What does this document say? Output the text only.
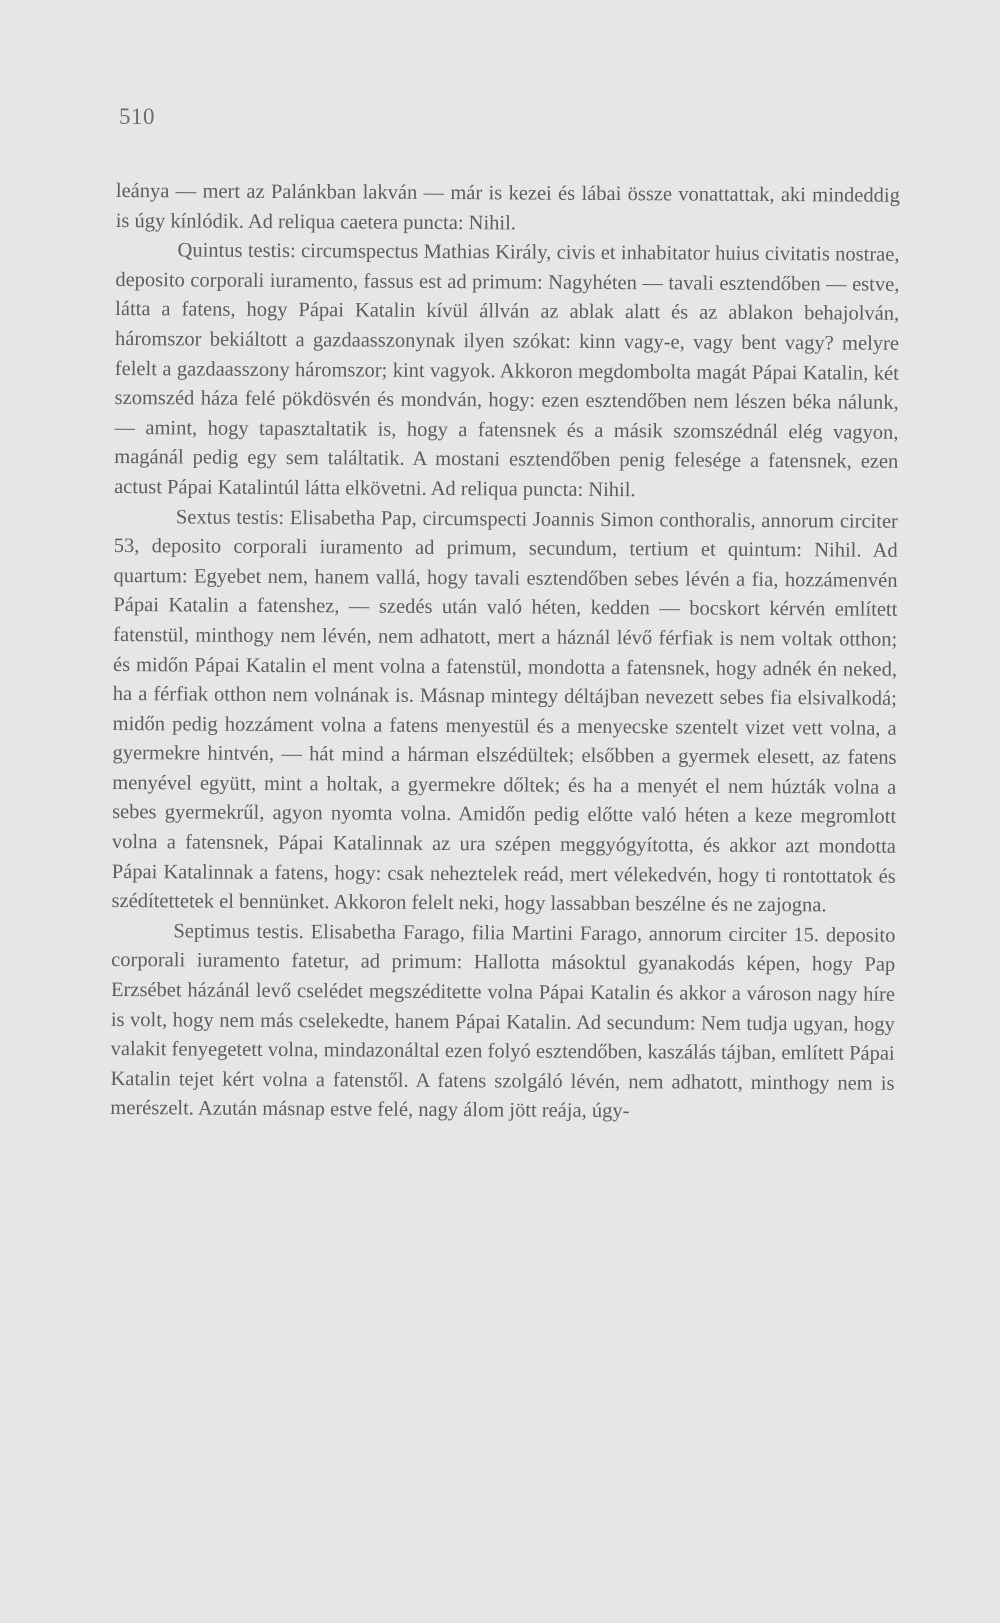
510

leánya — mert az Palánkban lakván — már is kezei és lábai össze vonattattak, aki mindeddig is úgy kínlódik. Ad reliqua caetera puncta: Nihil.

Quintus testis: circumspectus Mathias Király, civis et inhabitator huius civitatis nostrae, deposito corporali iuramento, fassus est ad primum: Nagyhéten — tavali esztendőben — estve, látta a fatens, hogy Pápai Katalin kívül állván az ablak alatt és az ablakon behajolván, háromszor bekiáltott a gazdaasszonynak ilyen szókat: kinn vagy-e, vagy bent vagy? melyre felelt a gazdaasszony háromszor; kint vagyok. Akkoron megdombolta magát Pápai Katalin, két szomszéd háza felé pökdösvén és mondván, hogy: ezen esztendőben nem lészen béka nálunk, — amint, hogy tapasztaltatik is, hogy a fatensnek és a másik szomszédnál elég vagyon, magánál pedig egy sem találtatik. A mostani esztendőben penig felesége a fatensnek, ezen actust Pápai Katalintúl látta elkövetni. Ad reliqua puncta: Nihil.

Sextus testis: Elisabetha Pap, circumspecti Joannis Simon conthoralis, annorum circiter 53, deposito corporali iuramento ad primum, secundum, tertium et quintum: Nihil. Ad quartum: Egyebet nem, hanem vallá, hogy tavali esztendőben sebes lévén a fia, hozzámenvén Pápai Katalin a fatenshez, — szedés után való héten, kedden — bocskort kérvén említett fatenstül, minthogy nem lévén, nem adhatott, mert a háznál lévő férfiak is nem voltak otthon; és midőn Pápai Katalin el ment volna a fatenstül, mondotta a fatensnek, hogy adnék én neked, ha a férfiak otthon nem volnának is. Másnap mintegy déltájban nevezett sebes fia elsivalkodá; midőn pedig hozzáment volna a fatens menyestül és a menyecske szentelt vizet vett volna, a gyermekre hintvén, — hát mind a hárman elszédültek; elsőbben a gyermek elesett, az fatens menyével együtt, mint a holtak, a gyermekre dőltek; és ha a menyét el nem húzták volna a sebes gyermekrűl, agyon nyomta volna. Amidőn pedig előtte való héten a keze megromlott volna a fatensnek, Pápai Katalinnak az ura szépen meggyógyította, és akkor azt mondotta Pápai Katalinnak a fatens, hogy: csak neheztelek reád, mert vélekedvén, hogy ti rontottatok és szédítettetek el bennünket. Akkoron felelt neki, hogy lassabban beszélne és ne zajogna.

Septimus testis. Elisabetha Farago, filia Martini Farago, annorum circiter 15. deposito corporali iuramento fatetur, ad primum: Hallotta másoktul gyanakodás képen, hogy Pap Erzsébet házánál levő cselédet megszéditette volna Pápai Katalin és akkor a városon nagy híre is volt, hogy nem más cselekedte, hanem Pápai Katalin. Ad secundum: Nem tudja ugyan, hogy valakit fenyegetett volna, mindazonáltal ezen folyó esztendőben, kaszálás tájban, említett Pápai Katalin tejet kért volna a fatenstől. A fatens szolgáló lévén, nem adhatott, minthogy nem is merészelt. Azután másnap estve felé, nagy álom jött reája, úgy-
